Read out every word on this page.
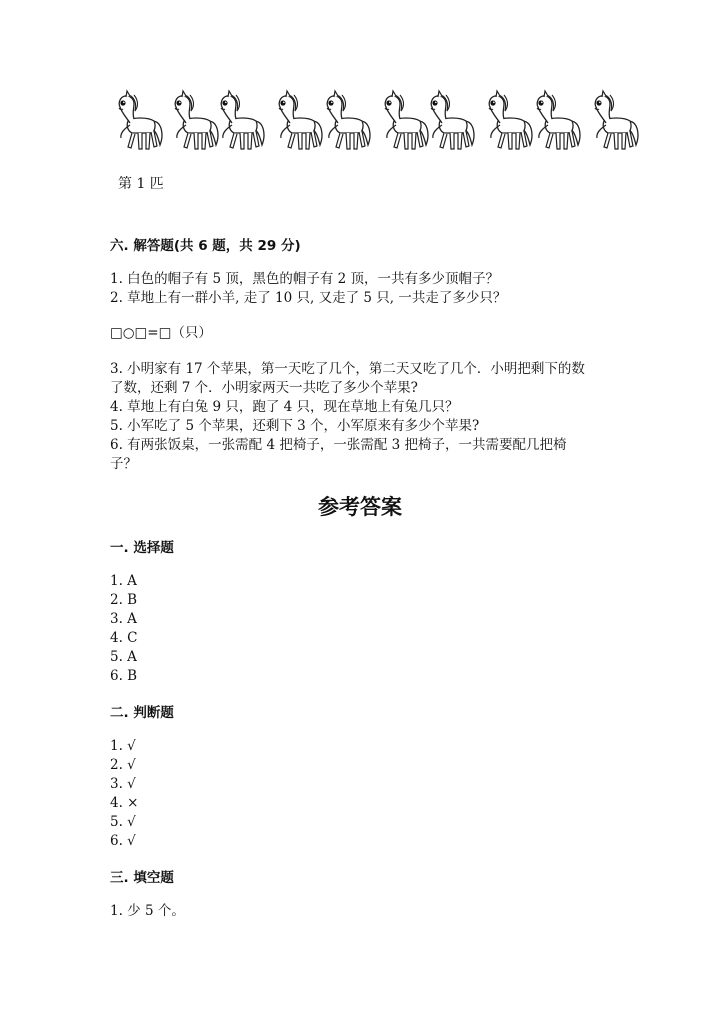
第 1 匹
六. 解答题(共 6 题，共 29 分)
1. 白色的帽子有 5 顶，黑色的帽子有 2 顶，一共有多少顶帽子？
2. 草地上有一群小羊, 走了 10 只, 又走了 5 只, 一共走了多少只？
□○□=□（只）
3. 小明家有 17 个苹果，第一天吃了几个，第二天又吃了几个．小明把剩下的数
了数，还剩 7 个．小明家两天一共吃了多少个苹果?
4. 草地上有白兔 9 只，跑了 4 只，现在草地上有兔几只？
5. 小军吃了 5 个苹果，还剩下 3 个，小军原来有多少个苹果?
6. 有两张饭桌，一张需配 4 把椅子，一张需配 3 把椅子，一共需要配几把椅
子？
参考答案
一. 选择题
1. A
2. B
3. A
4. C
5. A
6. B
二. 判断题
1. √
2. √
3. √
4. ×
5. √
6. √
三. 填空题
1. 少 5 个。
